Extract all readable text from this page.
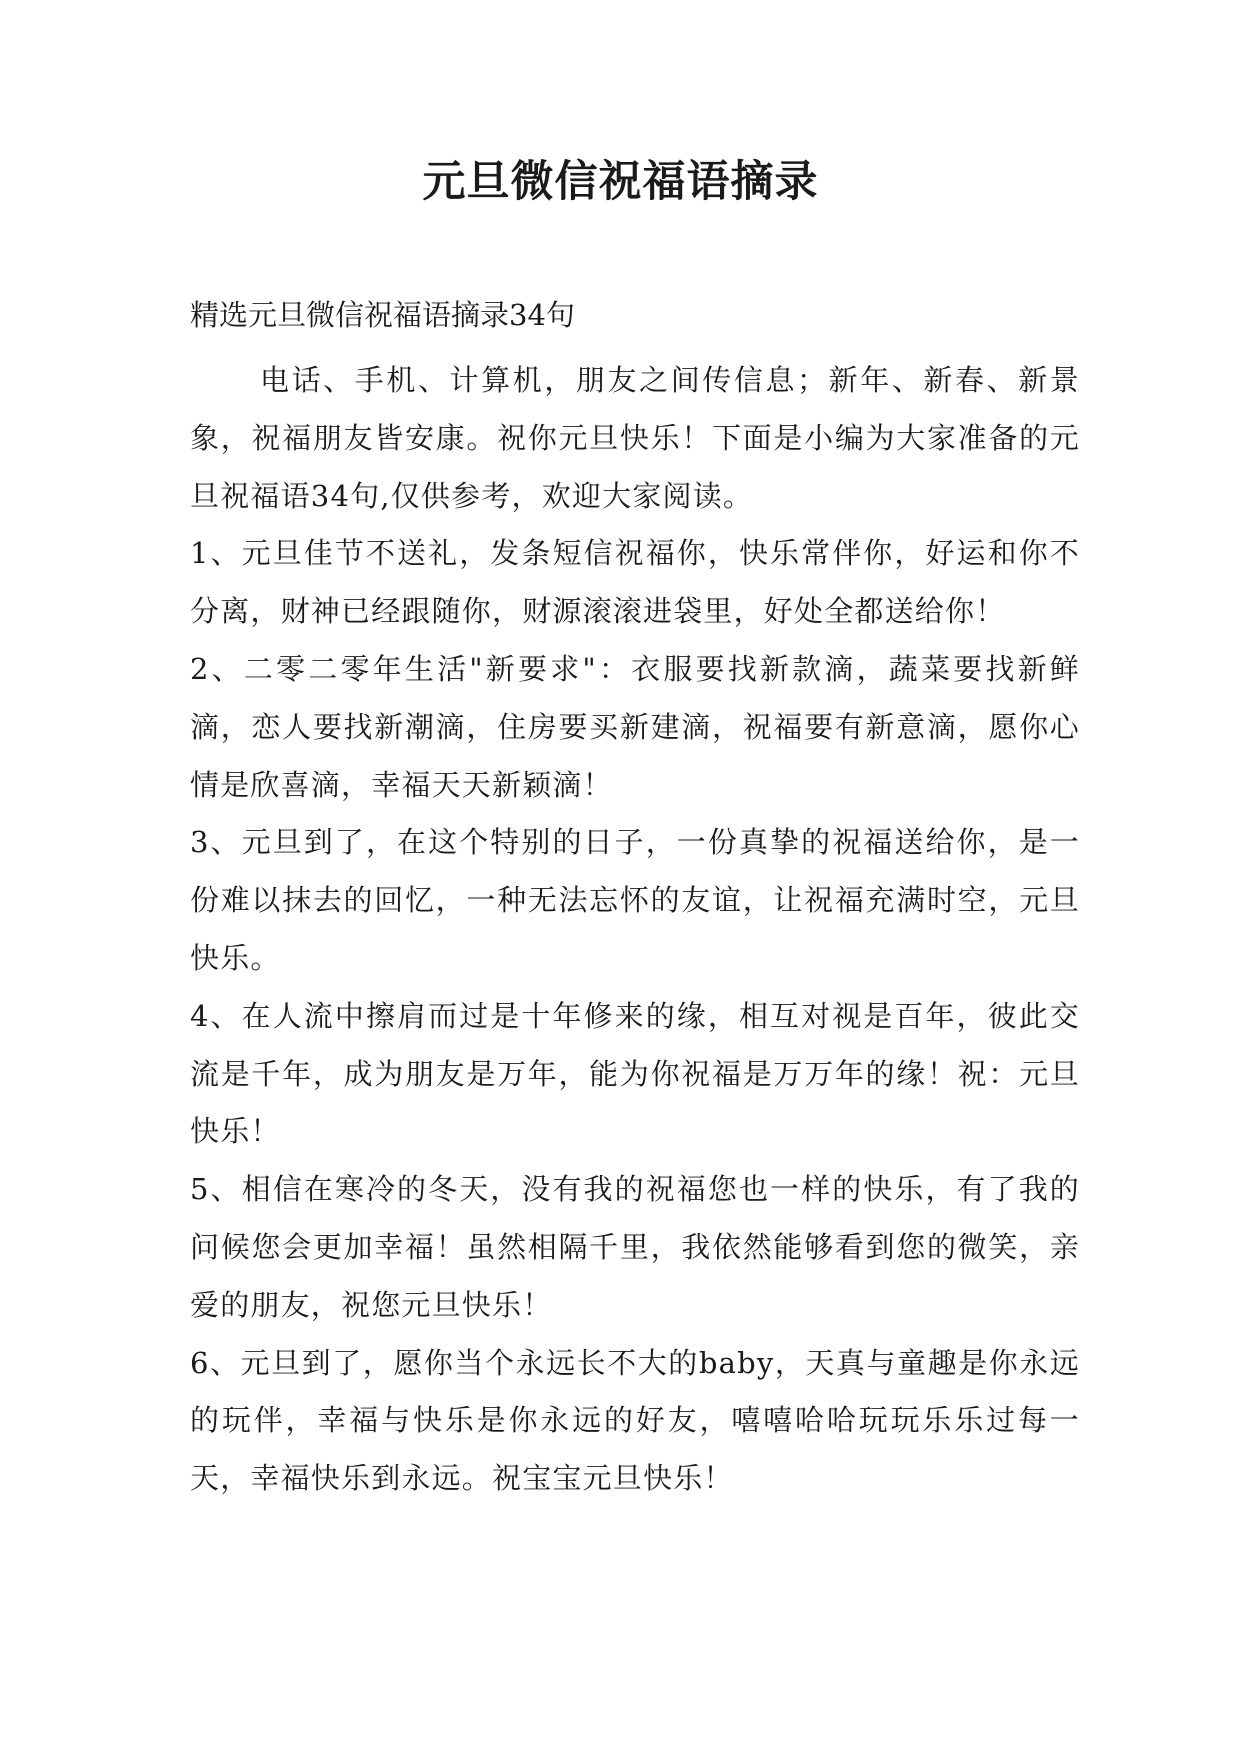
元旦微信祝福语摘录

精选元旦微信祝福语摘录34句

电话、手机、计算机，朋友之间传信息；新年、新春、新景象，祝福朋友皆安康。祝你元旦快乐！下面是小编为大家准备的元旦祝福语34句,仅供参考，欢迎大家阅读。

1、元旦佳节不送礼，发条短信祝福你，快乐常伴你，好运和你不分离，财神已经跟随你，财源滚滚进袋里，好处全都送给你！

2、二零二零年生活"新要求"：衣服要找新款滴，蔬菜要找新鲜滴，恋人要找新潮滴，住房要买新建滴，祝福要有新意滴，愿你心情是欣喜滴，幸福天天新颖滴！

3、元旦到了，在这个特别的日子，一份真挚的祝福送给你，是一份难以抹去的回忆，一种无法忘怀的友谊，让祝福充满时空，元旦快乐。

4、在人流中擦肩而过是十年修来的缘，相互对视是百年，彼此交流是千年，成为朋友是万年，能为你祝福是万万年的缘！祝：元旦快乐！

5、相信在寒冷的冬天，没有我的祝福您也一样的快乐，有了我的问候您会更加幸福！虽然相隔千里，我依然能够看到您的微笑，亲爱的朋友，祝您元旦快乐！

6、元旦到了，愿你当个永远长不大的baby，天真与童趣是你永远的玩伴，幸福与快乐是你永远的好友，嘻嘻哈哈玩玩乐乐过每一天，幸福快乐到永远。祝宝宝元旦快乐！
